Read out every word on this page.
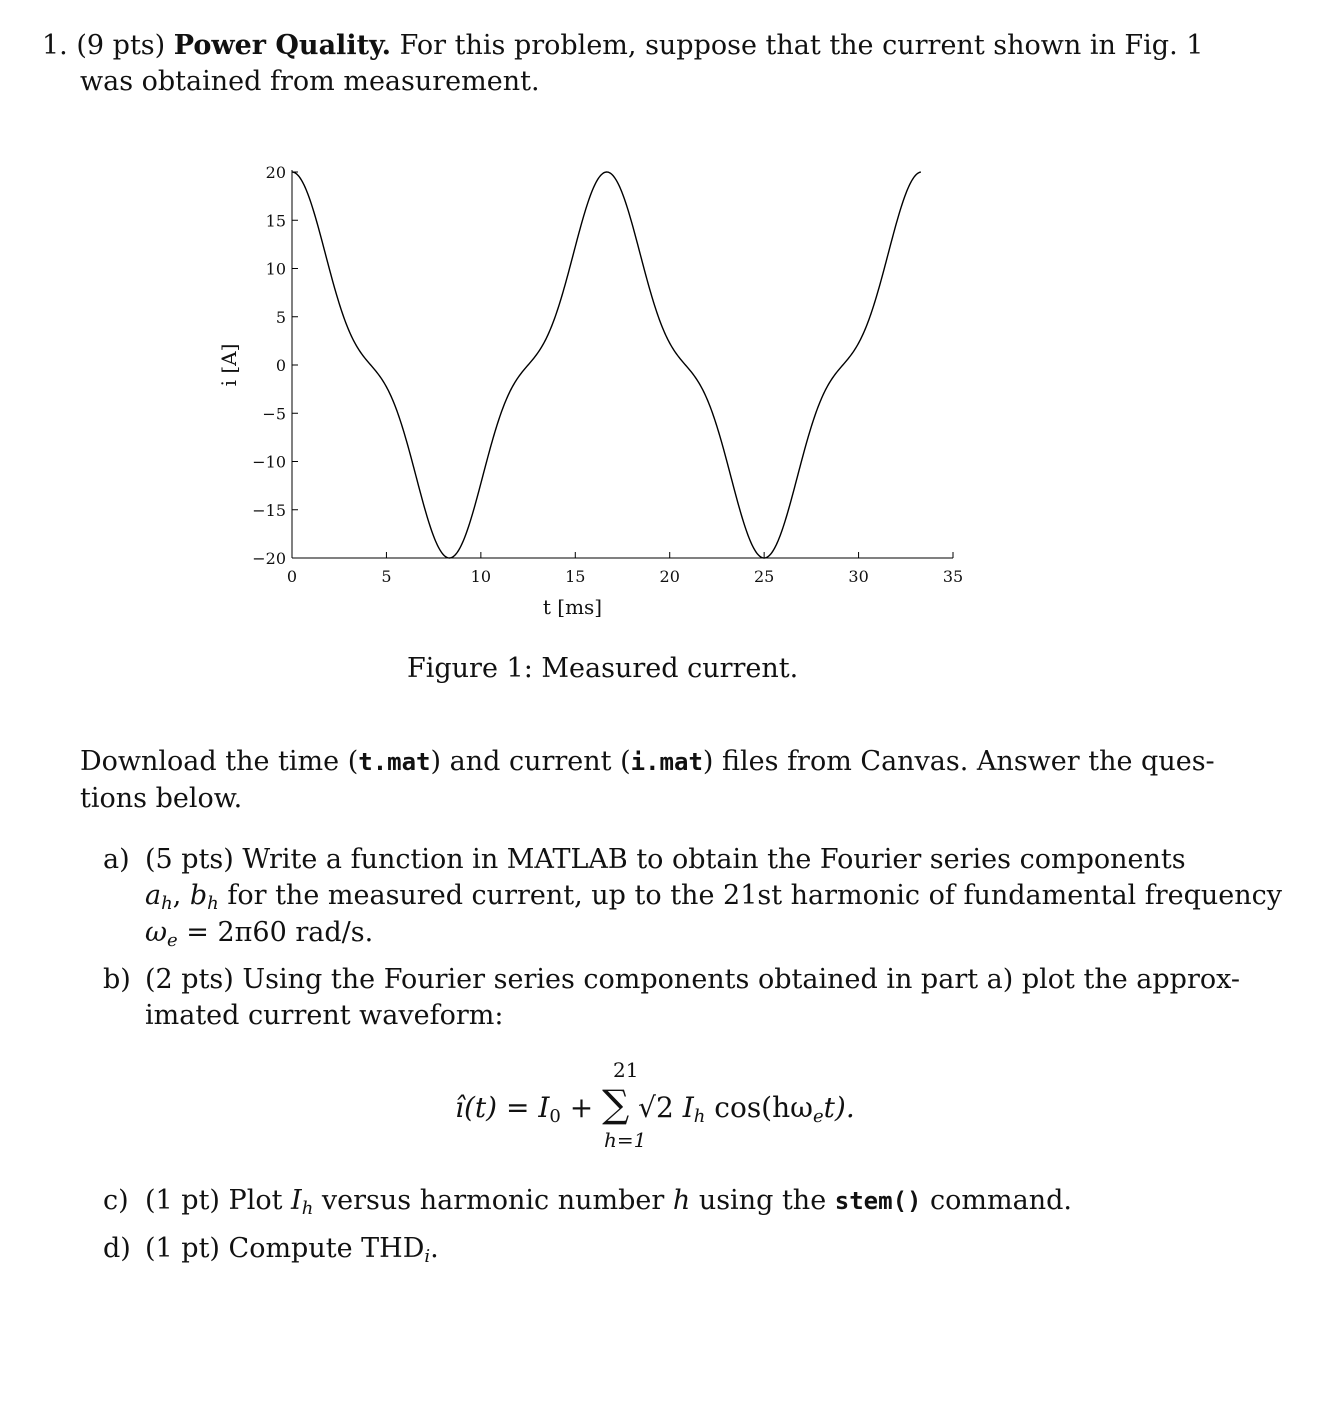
1. (9 pts) Power Quality. For this problem, suppose that the current shown in Fig. 1
was obtained from measurement.
−20
−15
−10
−5
0
5
10
15
20
0	5	10	15	20	25	30	35
t [ms]
i [A]
Figure 1: Measured current.
Download the time (t.mat) and current (i.mat) files from Canvas. Answer the ques-
tions below.
a) (5 pts) Write a function in MATLAB to obtain the Fourier series components
$a_h$, $b_h$ for the measured current, up to the 21st harmonic of fundamental frequency
$\omega_e = 2\pi 60$ rad/s.
b) (2 pts) Using the Fourier series components obtained in part a) plot the approx-
imated current waveform:
21
î(t) = $I_0$ + ∑ √2 $I_h$ $\cos(h\omega_et)$.
h=1
c) (1 pt) Plot $I_h$ versus harmonic number h using the stem() command.
d) (1 pt) Compute $THD_i$.
